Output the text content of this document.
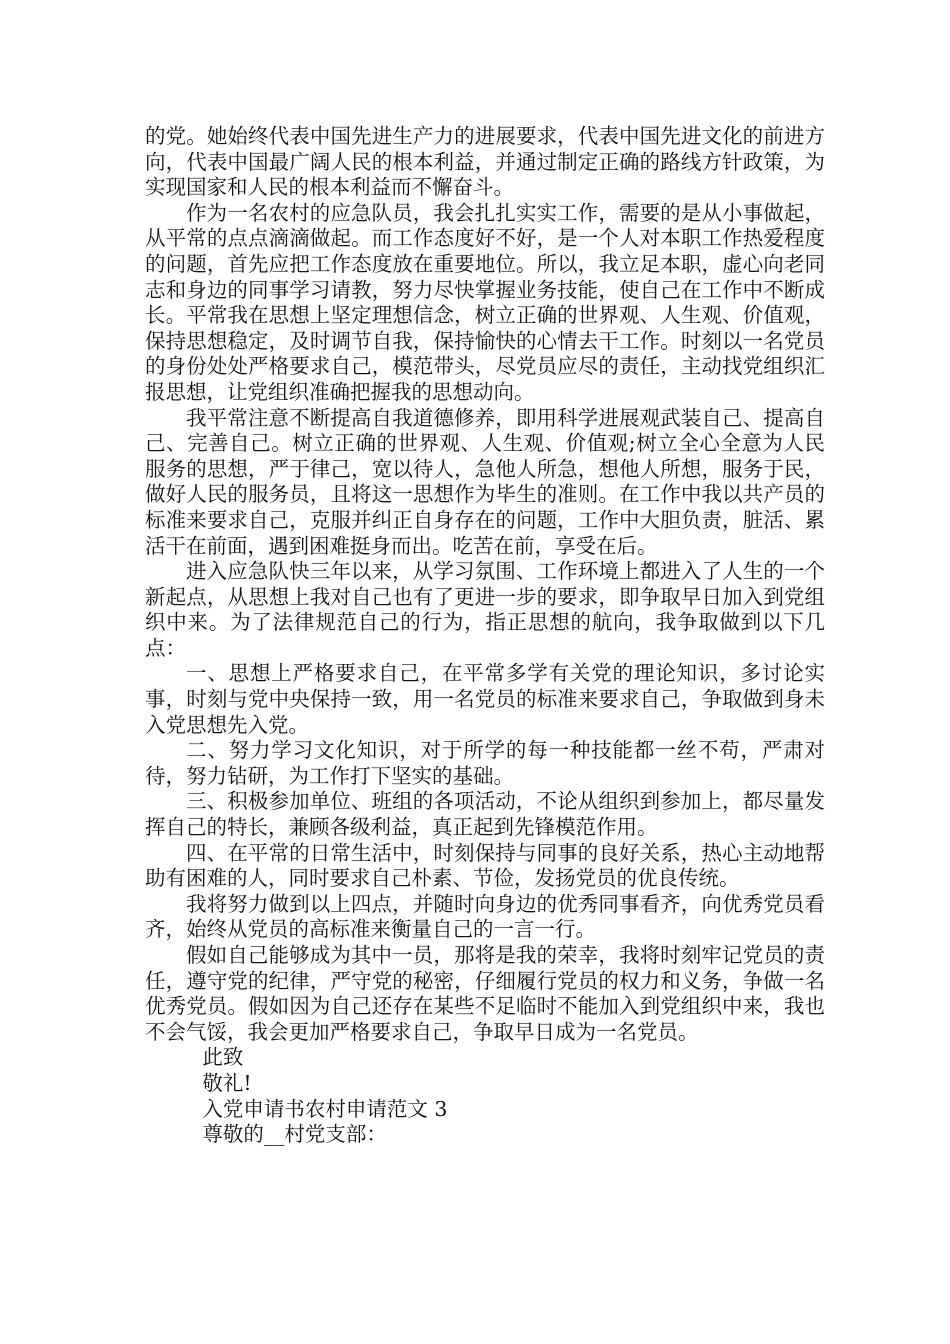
的党。她始终代表中国先进生产力的进展要求，代表中国先进文化的前进方向，代表中国最广阔人民的根本利益，并通过制定正确的路线方针政策，为实现国家和人民的根本利益而不懈奋斗。

作为一名农村的应急队员，我会扎扎实实工作，需要的是从小事做起，从平常的点点滴滴做起。而工作态度好不好，是一个人对本职工作热爱程度的问题，首先应把工作态度放在重要地位。所以，我立足本职，虚心向老同志和身边的同事学习请教，努力尽快掌握业务技能，使自己在工作中不断成长。平常我在思想上坚定理想信念，树立正确的世界观、人生观、价值观，保持思想稳定，及时调节自我，保持愉快的心情去干工作。时刻以一名党员的身份处处严格要求自己，模范带头，尽党员应尽的责任，主动找党组织汇报思想，让党组织准确把握我的思想动向。

我平常注意不断提高自我道德修养，即用科学进展观武装自己、提高自己、完善自己。树立正确的世界观、人生观、价值观;树立全心全意为人民服务的思想，严于律己，宽以待人，急他人所急，想他人所想，服务于民，做好人民的服务员，且将这一思想作为毕生的准则。在工作中我以共产员的标准来要求自己，克服并纠正自身存在的问题，工作中大胆负责，脏活、累活干在前面，遇到困难挺身而出。吃苦在前，享受在后。

进入应急队快三年以来，从学习氛围、工作环境上都进入了人生的一个新起点，从思想上我对自己也有了更进一步的要求，即争取早日加入到党组织中来。为了法律规范自己的行为，指正思想的航向，我争取做到以下几点：

一、思想上严格要求自己，在平常多学有关党的理论知识，多讨论实事，时刻与党中央保持一致，用一名党员的标准来要求自己，争取做到身未入党思想先入党。

二、努力学习文化知识，对于所学的每一种技能都一丝不苟，严肃对待，努力钻研，为工作打下坚实的基础。

三、积极参加单位、班组的各项活动，不论从组织到参加上，都尽量发挥自己的特长，兼顾各级利益，真正起到先锋模范作用。

四、在平常的日常生活中，时刻保持与同事的良好关系，热心主动地帮助有困难的人，同时要求自己朴素、节俭，发扬党员的优良传统。

我将努力做到以上四点，并随时向身边的优秀同事看齐，向优秀党员看齐，始终从党员的高标准来衡量自己的一言一行。

假如自己能够成为其中一员，那将是我的荣幸，我将时刻牢记党员的责任，遵守党的纪律，严守党的秘密，仔细履行党员的权力和义务，争做一名优秀党员。假如因为自己还存在某些不足临时不能加入到党组织中来，我也不会气馁，我会更加严格要求自己，争取早日成为一名党员。

此致

敬礼!

入党申请书农村申请范文 3

尊敬的__村党支部：
